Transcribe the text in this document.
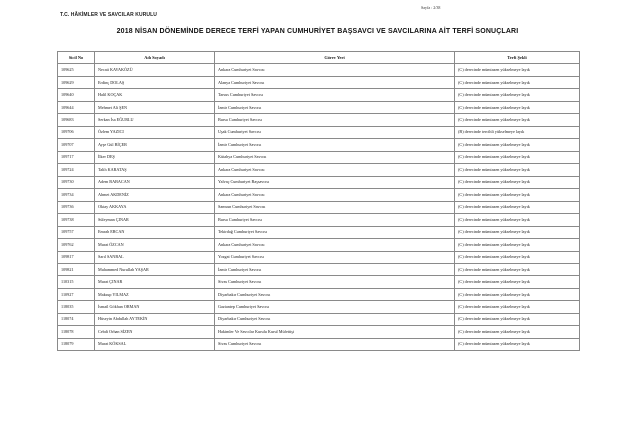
Sayfa : 2/38
T.C. HÂKİMLER VE SAVCILAR KURULU
2018 NİSAN DÖNEMİNDE DERECE TERFİ YAPAN CUMHURİYET BAŞSAVCI VE SAVCILARINA AİT TERFİ SONUÇLARI
Sicil No	Adı Soyadı	Görev Yeri	Terfi Şekli
109625	Necati KAVAKÖZÜ	Ankara Cumhuriyet Savcısı	(C) derecinde mümtazen yükselmeye layık
109629	Erdinç DOLAŞ	Alanya Cumhuriyet Savcısı	(C) derecinde mümtazen yükselmeye layık
109640	Halil KOÇAK	Tarsus Cumhuriyet Savcısı	(C) derecinde mümtazen yükselmeye layık
109644	Mehmet Ali ŞEN	İzmir Cumhuriyet Savcısı	(C) derecinde mümtazen yükselmeye layık
109683	Serkan İsa EĞURLU	Bursa Cumhuriyet Savcısı	(C) derecinde mümtazen yükselmeye layık
109706	Özlem YAZICI	Uşak Cumhuriyet Savcısı	(B) derecinde tercihli yükselmeye layık
109707	Ayşe Gül BİÇER	İzmir Cumhuriyet Savcısı	(C) derecinde mümtazen yükselmeye layık
109717	İlker DEŞ	Kütahya Cumhuriyet Savcısı	(C) derecinde mümtazen yükselmeye layık
109724	Talih KARATAŞ	Ankara Cumhuriyet Savcısı	(C) derecinde mümtazen yükselmeye layık
109730	Adem BABACAN	Yalvaç Cumhuriyet Başsavcısı	(C) derecinde mümtazen yükselmeye layık
109734	Ahmet AKDENİZ	Ankara Cumhuriyet Savcısı	(C) derecinde mümtazen yükselmeye layık
109736	Oktay AKKAYA	Samsun Cumhuriyet Savcısı	(C) derecinde mümtazen yükselmeye layık
109738	Süleyman ÇINAR	Bursa Cumhuriyet Savcısı	(C) derecinde mümtazen yükselmeye layık
109757	Emrah ERCAN	Tekirdağ Cumhuriyet Savcısı	(C) derecinde mümtazen yükselmeye layık
109762	Murat ÖZCAN	Ankara Cumhuriyet Savcısı	(C) derecinde mümtazen yükselmeye layık
109817	Sarıl SANBAL	Yozgat Cumhuriyet Savcısı	(C) derecinde mümtazen yükselmeye layık
109821	Muhammed Nurullah YAŞAR	İzmir Cumhuriyet Savcısı	(C) derecinde mümtazen yükselmeye layık
110315	Murat ÇINAR	Sivas Cumhuriyet Savcısı	(C) derecinde mümtazen yükselmeye layık
110927	Maksup YILMAZ	Diyarbakır Cumhuriyet Savcısı	(C) derecinde mümtazen yükselmeye layık
118035	İsmail Gökhan ORMAN	Gaziantep Cumhuriyet Savcısı	(C) derecinde mümtazen yükselmeye layık
118074	Hüseyin Abdullah AYTEKİN	Diyarbakır Cumhuriyet Savcısı	(C) derecinde mümtazen yükselmeye layık
118078	Cebdi Orhan SİZEN	Hakimler Ve Savcılar Kurulu Kurul Müfettişi	(C) derecinde mümtazen yükselmeye layık
118079	Murat KÖKSAL	Sivas Cumhuriyet Savcısı	(C) derecinde mümtazen yükselmeye layık
